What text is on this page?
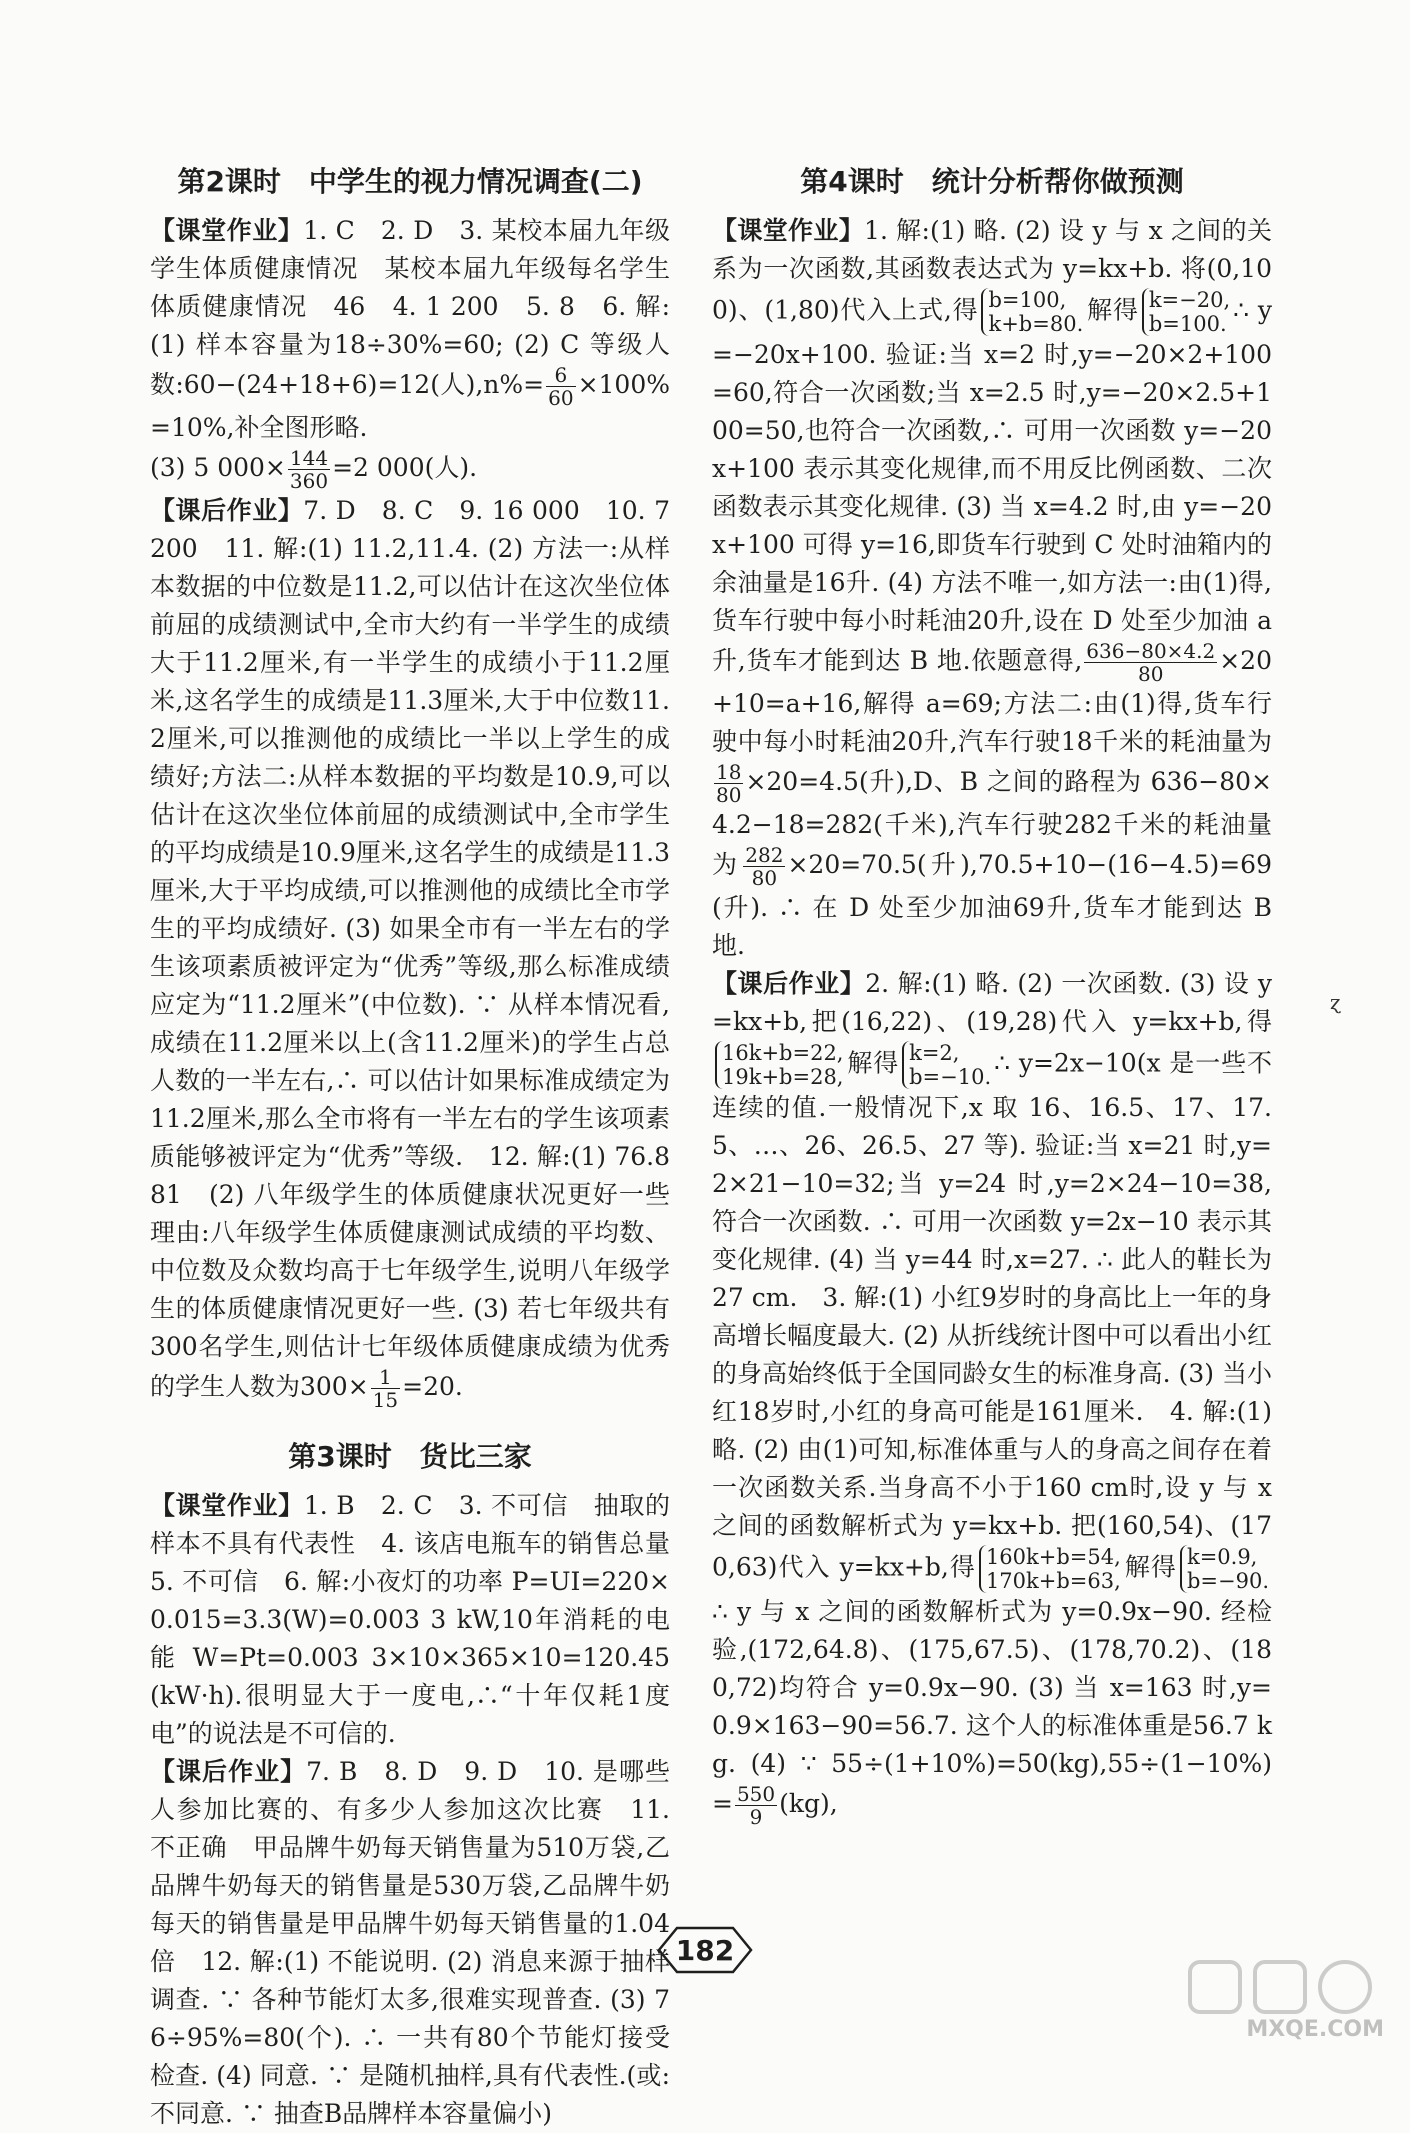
第2课时　中学生的视力情况调查(二)

【课堂作业】1. C　2. D　3. 某校本届九年级学生体质健康情况　某校本届九年级每名学生体质健康情况　46　4. 1 200　5. 8　6. 解:(1) 样本容量为18÷30%=60; (2) C 等级人数:60−(24+18+6)=12(人)$,n\%= \frac{6}{60} \times 100\%=10\%$,补全图形略.
(3) 5 $000\times \frac{144}{360} =2$ 000(人).

【课后作业】7. D　8. C　9. 16 000　10. 7 200　11. 解:(1) 11.2,11.4. (2) 方法一:从样本数据的中位数是11.2,可以估计在这次坐位体前屈的成绩测试中,全市大约有一半学生的成绩大于11.2厘米,有一半学生的成绩小于11.2厘米,这名学生的成绩是11.3厘米,大于中位数11.2厘米,可以推测他的成绩比一半以上学生的成绩好;方法二:从样本数据的平均数是10.9,可以估计在这次坐位体前屈的成绩测试中,全市学生的平均成绩是10.9厘米,这名学生的成绩是11.3厘米,大于平均成绩,可以推测他的成绩比全市学生的平均成绩好. (3) 如果全市有一半左右的学生该项素质被评定为“优秀”等级,那么标准成绩应定为“11.2厘米”(中位数). ∵ 从样本情况看,成绩在11.2厘米以上(含11.2厘米)的学生占总人数的一半左右,∴ 可以估计如果标准成绩定为11.2厘米,那么全市将有一半左右的学生该项素质能够被评定为“优秀”等级.　12. 解:(1) 76.8　81　(2) 八年级学生的体质健康状况更好一些　理由:八年级学生体质健康测试成绩的平均数、中位数及众数均高于七年级学生,说明八年级学生的体质健康情况更好一些. (3) 若七年级共有300名学生,则估计七年级体质健康成绩为优秀的学生人数为$300\times \frac{1}{15} =20$.

第3课时　货比三家

【课堂作业】1. B　2. C　3. 不可信　抽取的样本不具有代表性　4. 该店电瓶车的销售总量　5. 不可信　6. 解:小夜灯的功率 P=UI=220×0.015=3.3(W)=0.003 3 kW,10年消耗的电能 W=Pt=0.003 3×10×365×10=120.45(kW·h).很明显大于一度电,∴“十年仅耗1度电”的说法是不可信的.

【课后作业】7. B　8. D　9. D　10. 是哪些人参加比赛的、有多少人参加这次比赛　11. 不正确　甲品牌牛奶每天销售量为510万袋,乙品牌牛奶每天的销售量是530万袋,乙品牌牛奶每天的销售量是甲品牌牛奶每天销售量的1.04倍　12. 解:(1) 不能说明. (2) 消息来源于抽样调查. ∵ 各种节能灯太多,很难实现普查. (3) 76÷95%=80(个). ∴ 一共有80个节能灯接受检查. (4) 同意. ∵ 是随机抽样,具有代表性.(或:不同意. ∵ 抽查B品牌样本容量偏小)

第4课时　统计分析帮你做预测

【课堂作业】1. 解:(1) 略. (2) 设 y 与 x 之间的关系为一次函数,其函数表达式为 y=kx+b. 将(0,100)、(1,80)代入上式,得 b=100,
k+b=80. 解得 k=−20,
b=100. ∴ y=−20x+100. 验证:当 x=2 时,y=−20×2+100=60,符合一次函数;当 x=2.5 时,y=−20×2.5+100=50,也符合一次函数,∴ 可用一次函数 y=−20x+100 表示其变化规律,而不用反比例函数、二次函数表示其变化规律. (3) 当 x=4.2 时,由 y=−20x+100 可得 y=16,即货车行驶到 C 处时油箱内的余油量是16升. (4) 方法不唯一,如方法一:由(1)得,货车行驶中每小时耗油20升,设在 D 处至少加油 a 升,货车才能到达 B 地.依题意得, $\frac{636-80\times 4.2}{80} \times 20+10=a+16$,解得 a=69;方法二:由(1)得,货车行驶中每小时耗油20升,汽车行驶18千米的耗油量为
$\frac{18}{80} \times 20=4.5$(升),D、B 之间的路程为 636−80×4.2−18=282(千米),汽车行驶282千米的耗油量为 $\frac{282}{80} \times 20=70.5$(升),70.5+10−(16−4.5)=69(升). ∴ 在 D 处至少加油69升,货车才能到达 B 地.

【课后作业】2. 解:(1) 略. (2) 一次函数. (3) 设 y=kx+b,把(16,22)、(19,28)代入 y=kx+b,得
16k+b=22,
19k+b=28, 解得 k=2,
b=−10. ∴ y=2x−10(x 是一些不连续的值.一般情况下,x 取 16、16.5、17、17.5、…、26、26.5、27 等). 验证:当 x=21 时,y=2×21−10=32;当 y=24 时,y=2×24−10=38,符合一次函数. ∴ 可用一次函数 y=2x−10 表示其变化规律. (4) 当 y=44 时,x=27. ∴ 此人的鞋长为27 cm.　3. 解:(1) 小红9岁时的身高比上一年的身高增长幅度最大. (2) 从折线统计图中可以看出小红的身高始终低于全国同龄女生的标准身高. (3) 当小红18岁时,小红的身高可能是161厘米.　4. 解:(1) 略. (2) 由(1)可知,标准体重与人的身高之间存在着一次函数关系.当身高不小于160 cm时,设 y 与 x 之间的函数解析式为 y=kx+b. 把(160,54)、(170,63)代入 y=kx+b,得 160k+b=54,
170k+b=63, 解得 k=0.9,
b=−90.
∴ y 与 x 之间的函数解析式为 y=0.9x−90. 经检验,(172,64.8)、(175,67.5)、(178,70.2)、(180,72)均符合 y=0.9x−90. (3) 当 x=163 时,y=0.9×163−90=56.7. 这个人的标准体重是56.7 kg. (4) ∵ $55\div(1+10\%)=50(kg),55\div(1-10\%)= \frac{550}{9} (kg)$,

ɀ
182
MXQE.COM
